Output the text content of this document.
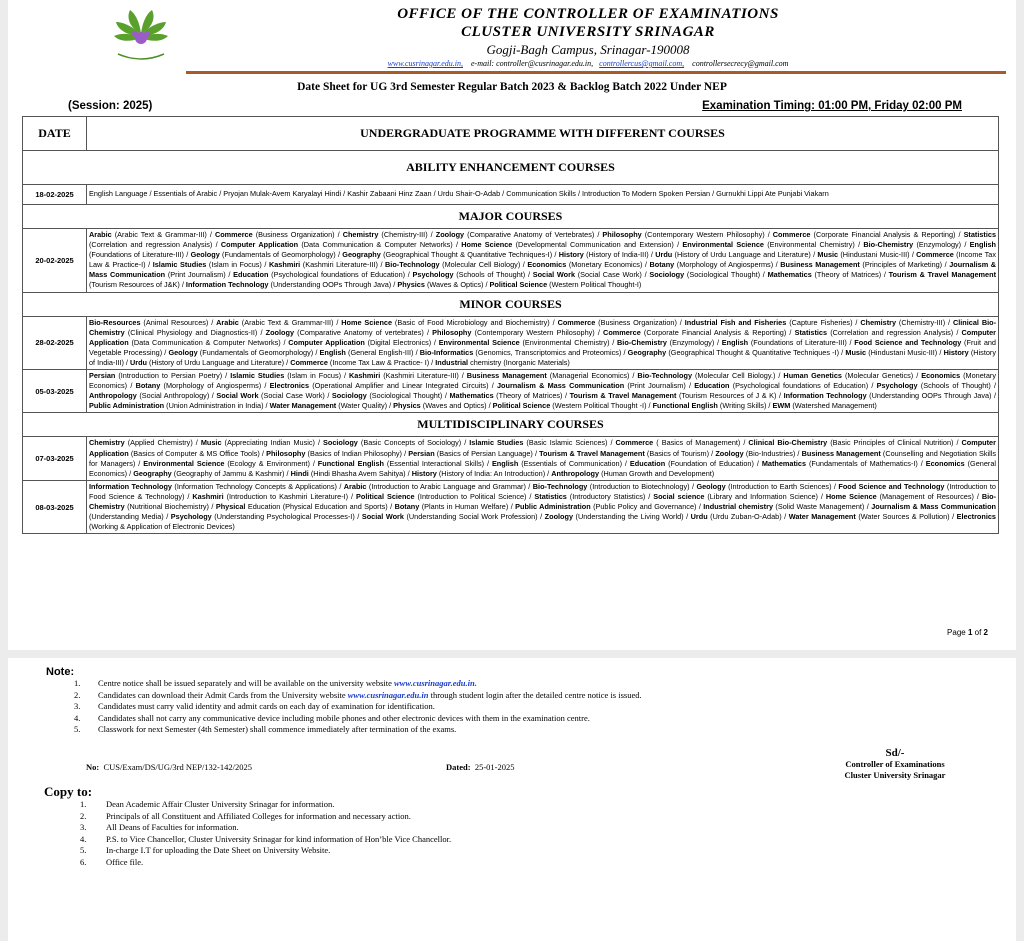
OFFICE OF THE CONTROLLER OF EXAMINATIONS
CLUSTER UNIVERSITY SRINAGAR
Gogji-Bagh Campus, Srinagar-190008
www.cusrinagar.edu.in, e-mail: controller@cusrinagar.edu.in, controllercus@gmail.com, controllersecrecy@gmail.com
Date Sheet for UG 3rd Semester Regular Batch 2023 & Backlog Batch 2022 Under NEP
(Session: 2025)	Examination Timing: 01:00 PM, Friday 02:00 PM
DATE	UNDERGRADUATE PROGRAMME WITH DIFFERENT COURSES
ABILITY ENHANCEMENT COURSES	
18-02-2025	English Language / Essentials of Arabic / Pryojan Mulak-Avem Karyalayi Hindi / Kashir Zabaani Hinz Zaan / Urdu Shair-O-Adab / Communication Skills / Introduction To Modern Spoken Persian / Gurnukhi Lippi Ate Punjabi Viakarn
MAJOR COURSES	
20-02-2025	Arabic (Arabic Text & Grammar-III) / Commerce (Business Organization) / Chemistry (Chemistry-III) / Zoology (Comparative Anatomy of Vertebrates) / Philosophy (Contemporary Western Philosophy) / Commerce (Corporate Financial Analysis & Reporting) / Statistics (Correlation and regression Analysis) / Computer Application (Data Communication & Computer Networks) / Home Science (Developmental Communication and Extension) / Environmental Science (Environmental Chemistry) / Bio-Chemistry (Enzymology) / English (Foundations of Literature-III) / Geology (Fundamentals of Geomorphology) / Geography (Geographical Thought & Quantitative Techniques-I) / History (History of India-III) / Urdu (History of Urdu Language and Literature) / Music (Hindustani Music-III) / Commerce (Income Tax Law & Practice-I) / Islamic Studies (Islam in Focus) / Kashmiri (Kashmiri Literature-III) / Bio-Technology (Molecular Cell Biology) / Economics (Monetary Economics) / Botany (Morphology of Angiosperms) / Business Management (Principles of Marketing) / Journalism & Mass Communication (Print Journalism) / Education (Psychological foundations of Education) / Psychology (Schools of Thought) / Social Work (Social Case Work) / Sociology (Sociological Thought) / Mathematics (Theory of Matrices) / Tourism & Travel Management (Tourism Resources of J&K) / Information Technology (Understanding OOPs Through Java) / Physics (Waves & Optics) / Political Science (Western Political Thought-I)
MINOR COURSES	
28-02-2025	Bio-Resources (Animal Resources) / Arabic (Arabic Text & Grammar-III) / Home Science (Basic of Food Microbiology and Biochemistry) / Commerce (Business Organization) / Industrial Fish and Fisheries (Capture Fisheries) / Chemistry (Chemistry-III) / Clinical Bio-Chemistry (Clinical Physiology and Diagnostics-II) / Zoology (Comparative Anatomy of vertebrates) / Philosophy (Contemporary Western Philosophy) / Commerce (Corporate Financial Analysis & Reporting) / Statistics (Correlation and regression Analysis) / Computer Application (Data Communication & Computer Networks) / Computer Application (Digital Electronics) / Environmental Science (Environmental Chemistry) / Bio-Chemistry (Enzymology) / English (Foundations of Literature-III) / Food Science and Technology (Fruit and Vegetable Processing) / Geology (Fundamentals of Geomorphology) / English (General English-III) / Bio-Informatics (Genomics, Transcriptomics and Proteomics) / Geography (Geographical Thought & Quantitative Techniques -I) / Music (Hindustani Music-III) / History (History of India-III) / Urdu (History of Urdu Language and Literature) / Commerce (Income Tax Law & Practice- I) / Industrial chemistry (Inorganic Materials)
05-03-2025	Persian (Introduction to Persian Poetry) / Islamic Studies (Islam in Focus) / Kashmiri (Kashmiri Literature-III) / Business Management (Managerial Economics) / Bio-Technology (Molecular Cell Biology.) / Human Genetics (Molecular Genetics) / Economics (Monetary Economics) / Botany (Morphology of Angiosperms) / Electronics (Operational Amplifier and Linear Integrated Circuits) / Journalism & Mass Communication (Print Journalism) / Education (Psychological foundations of Education) / Psychology (Schools of Thought) / Anthropology (Social Anthropology) / Social Work (Social Case Work) / Sociology (Sociological Thought) / Mathematics (Theory of Matrices) / Tourism & Travel Management (Tourism Resources of J & K) / Information Technology (Understanding OOPs Through Java) / Public Administration (Union Administration in India) / Water Management (Water Quality) / Physics (Waves and Optics) / Political Science (Western Political Thought -I) / Functional English (Writing Skills) / EWM (Watershed Management)
MULTIDISCIPLINARY COURSES	
07-03-2025	Chemistry (Applied Chemistry) / Music (Appreciating Indian Music) / Sociology (Basic Concepts of Sociology) / Islamic Studies (Basic Islamic Sciences) / Commerce ( Basics of Management) / Clinical Bio-Chemistry (Basic Principles of Clinical Nutrition) / Computer Application (Basics of Computer & MS Office Tools) / Philosophy (Basics of Indian Philosophy) / Persian (Basics of Persian Language) / Tourism & Travel Management (Basics of Tourism) / Zoology (Bio-Industries) / Business Management (Counselling and Negotiation Skills for Managers) / Environmental Science (Ecology & Environment) / Functional English (Essential Interactional Skills) / English (Essentials of Communication) / Education (Foundation of Education) / Mathematics (Fundamentals of Mathematics-I) / Economics (General Economics) / Geography (Geography of Jammu & Kashmir) / Hindi (Hindi Bhasha Avem Sahitya) / History (History of India: An Introduction) / Anthropology (Human Growth and Development)
08-03-2025	Information Technology (Information Technology Concepts & Applications) / Arabic (Introduction to Arabic Language and Grammar) / Bio-Technology (Introduction to Biotechnology) / Geology (Introduction to Earth Sciences) / Food Science and Technology (Introduction to Food Science & Technology) / Kashmiri (Introduction to Kashmiri Literature-I) / Political Science (Introduction to Political Science) / Statistics (Introductory Statistics) / Social science (Library and Information Science) / Home Science (Management of Resources) / Bio-Chemistry (Nutritional Biochemistry) / Physical Education (Physical Education and Sports) / Botany (Plants in Human Welfare) / Public Administration (Public Policy and Governance) / Industrial chemistry (Solid Waste Management) / Journalism & Mass Communication (Understanding Media) / Psychology (Understanding Psychological Processes-I) / Social Work (Understanding Social Work Profession) / Zoology (Understanding the Living World) / Urdu (Urdu Zuban-O-Adab) / Water Management (Water Sources & Pollution) / Electronics (Working & Application of Electronic Devices)
Page 1 of 2
Note:
1. Centre notice shall be issued separately and will be available on the university website www.cusrinagar.edu.in.
2. Candidates can download their Admit Cards from the University website www.cusrinagar.edu.in through student login after the detailed centre notice is issued.
3. Candidates must carry valid identity and admit cards on each day of examination for identification.
4. Candidates shall not carry any communicative device including mobile phones and other electronic devices with them in the examination centre.
5. Classwork for next Semester (4th Semester) shall commence immediately after termination of the exams.
No: CUS/Exam/DS/UG/3rd NEP/132-142/2025	Dated: 25-01-2025
Sd/-
Controller of Examinations
Cluster University Srinagar
Copy to:
1. Dean Academic Affair Cluster University Srinagar for information.
2. Principals of all Constituent and Affiliated Colleges for information and necessary action.
3. All Deans of Faculties for information.
4. P.S. to Vice Chancellor, Cluster University Srinagar for kind information of Hon’ble Vice Chancellor.
5. In-charge I.T for uploading the Date Sheet on University Website.
6. Office file.
